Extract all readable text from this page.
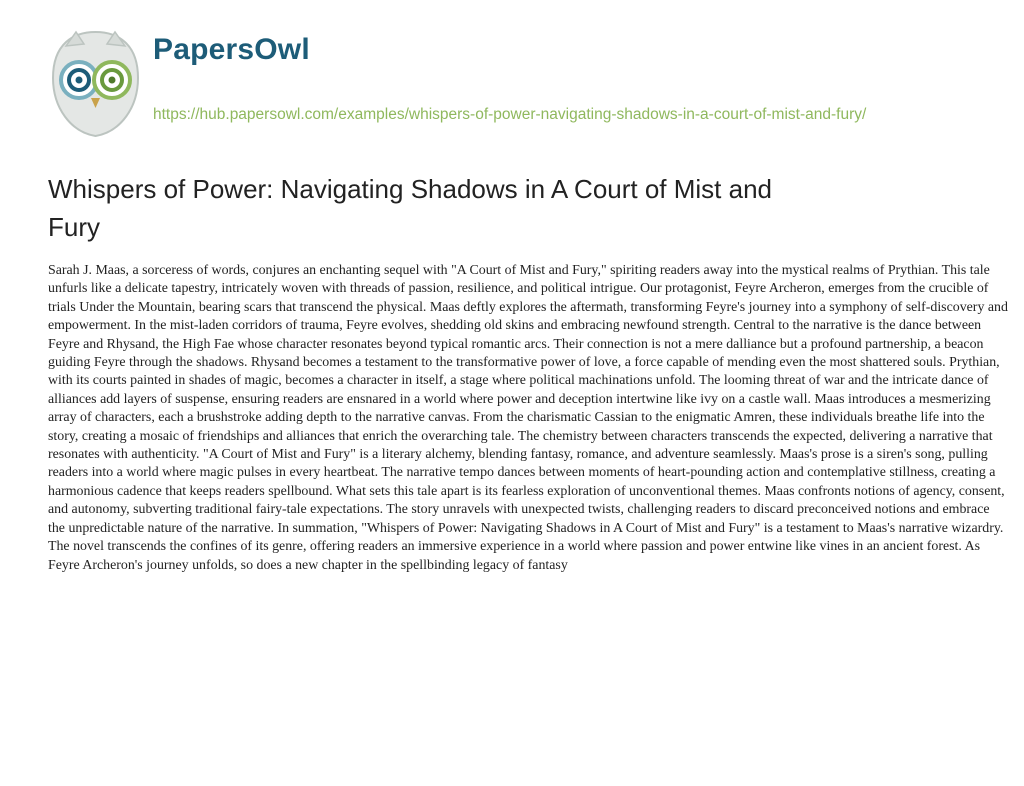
PapersOwl
https://hub.papersowl.com/examples/whispers-of-power-navigating-shadows-in-a-court-of-mist-and-fury/
Whispers of Power: Navigating Shadows in A Court of Mist and Fury

Sarah J. Maas, a sorceress of words, conjures an enchanting sequel with "A Court of Mist and Fury," spiriting readers away into the mystical realms of Prythian. This tale unfurls like a delicate tapestry, intricately woven with threads of passion, resilience, and political intrigue. Our protagonist, Feyre Archeron, emerges from the crucible of trials Under the Mountain, bearing scars that transcend the physical. Maas deftly explores the aftermath, transforming Feyre's journey into a symphony of self-discovery and empowerment. In the mist-laden corridors of trauma, Feyre evolves, shedding old skins and embracing newfound strength. Central to the narrative is the dance between Feyre and Rhysand, the High Fae whose character resonates beyond typical romantic arcs. Their connection is not a mere dalliance but a profound partnership, a beacon guiding Feyre through the shadows. Rhysand becomes a testament to the transformative power of love, a force capable of mending even the most shattered souls. Prythian, with its courts painted in shades of magic, becomes a character in itself, a stage where political machinations unfold. The looming threat of war and the intricate dance of alliances add layers of suspense, ensuring readers are ensnared in a world where power and deception intertwine like ivy on a castle wall. Maas introduces a mesmerizing array of characters, each a brushstroke adding depth to the narrative canvas. From the charismatic Cassian to the enigmatic Amren, these individuals breathe life into the story, creating a mosaic of friendships and alliances that enrich the overarching tale. The chemistry between characters transcends the expected, delivering a narrative that resonates with authenticity. "A Court of Mist and Fury" is a literary alchemy, blending fantasy, romance, and adventure seamlessly. Maas's prose is a siren's song, pulling readers into a world where magic pulses in every heartbeat. The narrative tempo dances between moments of heart-pounding action and contemplative stillness, creating a harmonious cadence that keeps readers spellbound. What sets this tale apart is its fearless exploration of unconventional themes. Maas confronts notions of agency, consent, and autonomy, subverting traditional fairy-tale expectations. The story unravels with unexpected twists, challenging readers to discard preconceived notions and embrace the unpredictable nature of the narrative. In summation, "Whispers of Power: Navigating Shadows in A Court of Mist and Fury" is a testament to Maas's narrative wizardry. The novel transcends the confines of its genre, offering readers an immersive experience in a world where passion and power entwine like vines in an ancient forest. As Feyre Archeron's journey unfolds, so does a new chapter in the spellbinding legacy of fantasy
